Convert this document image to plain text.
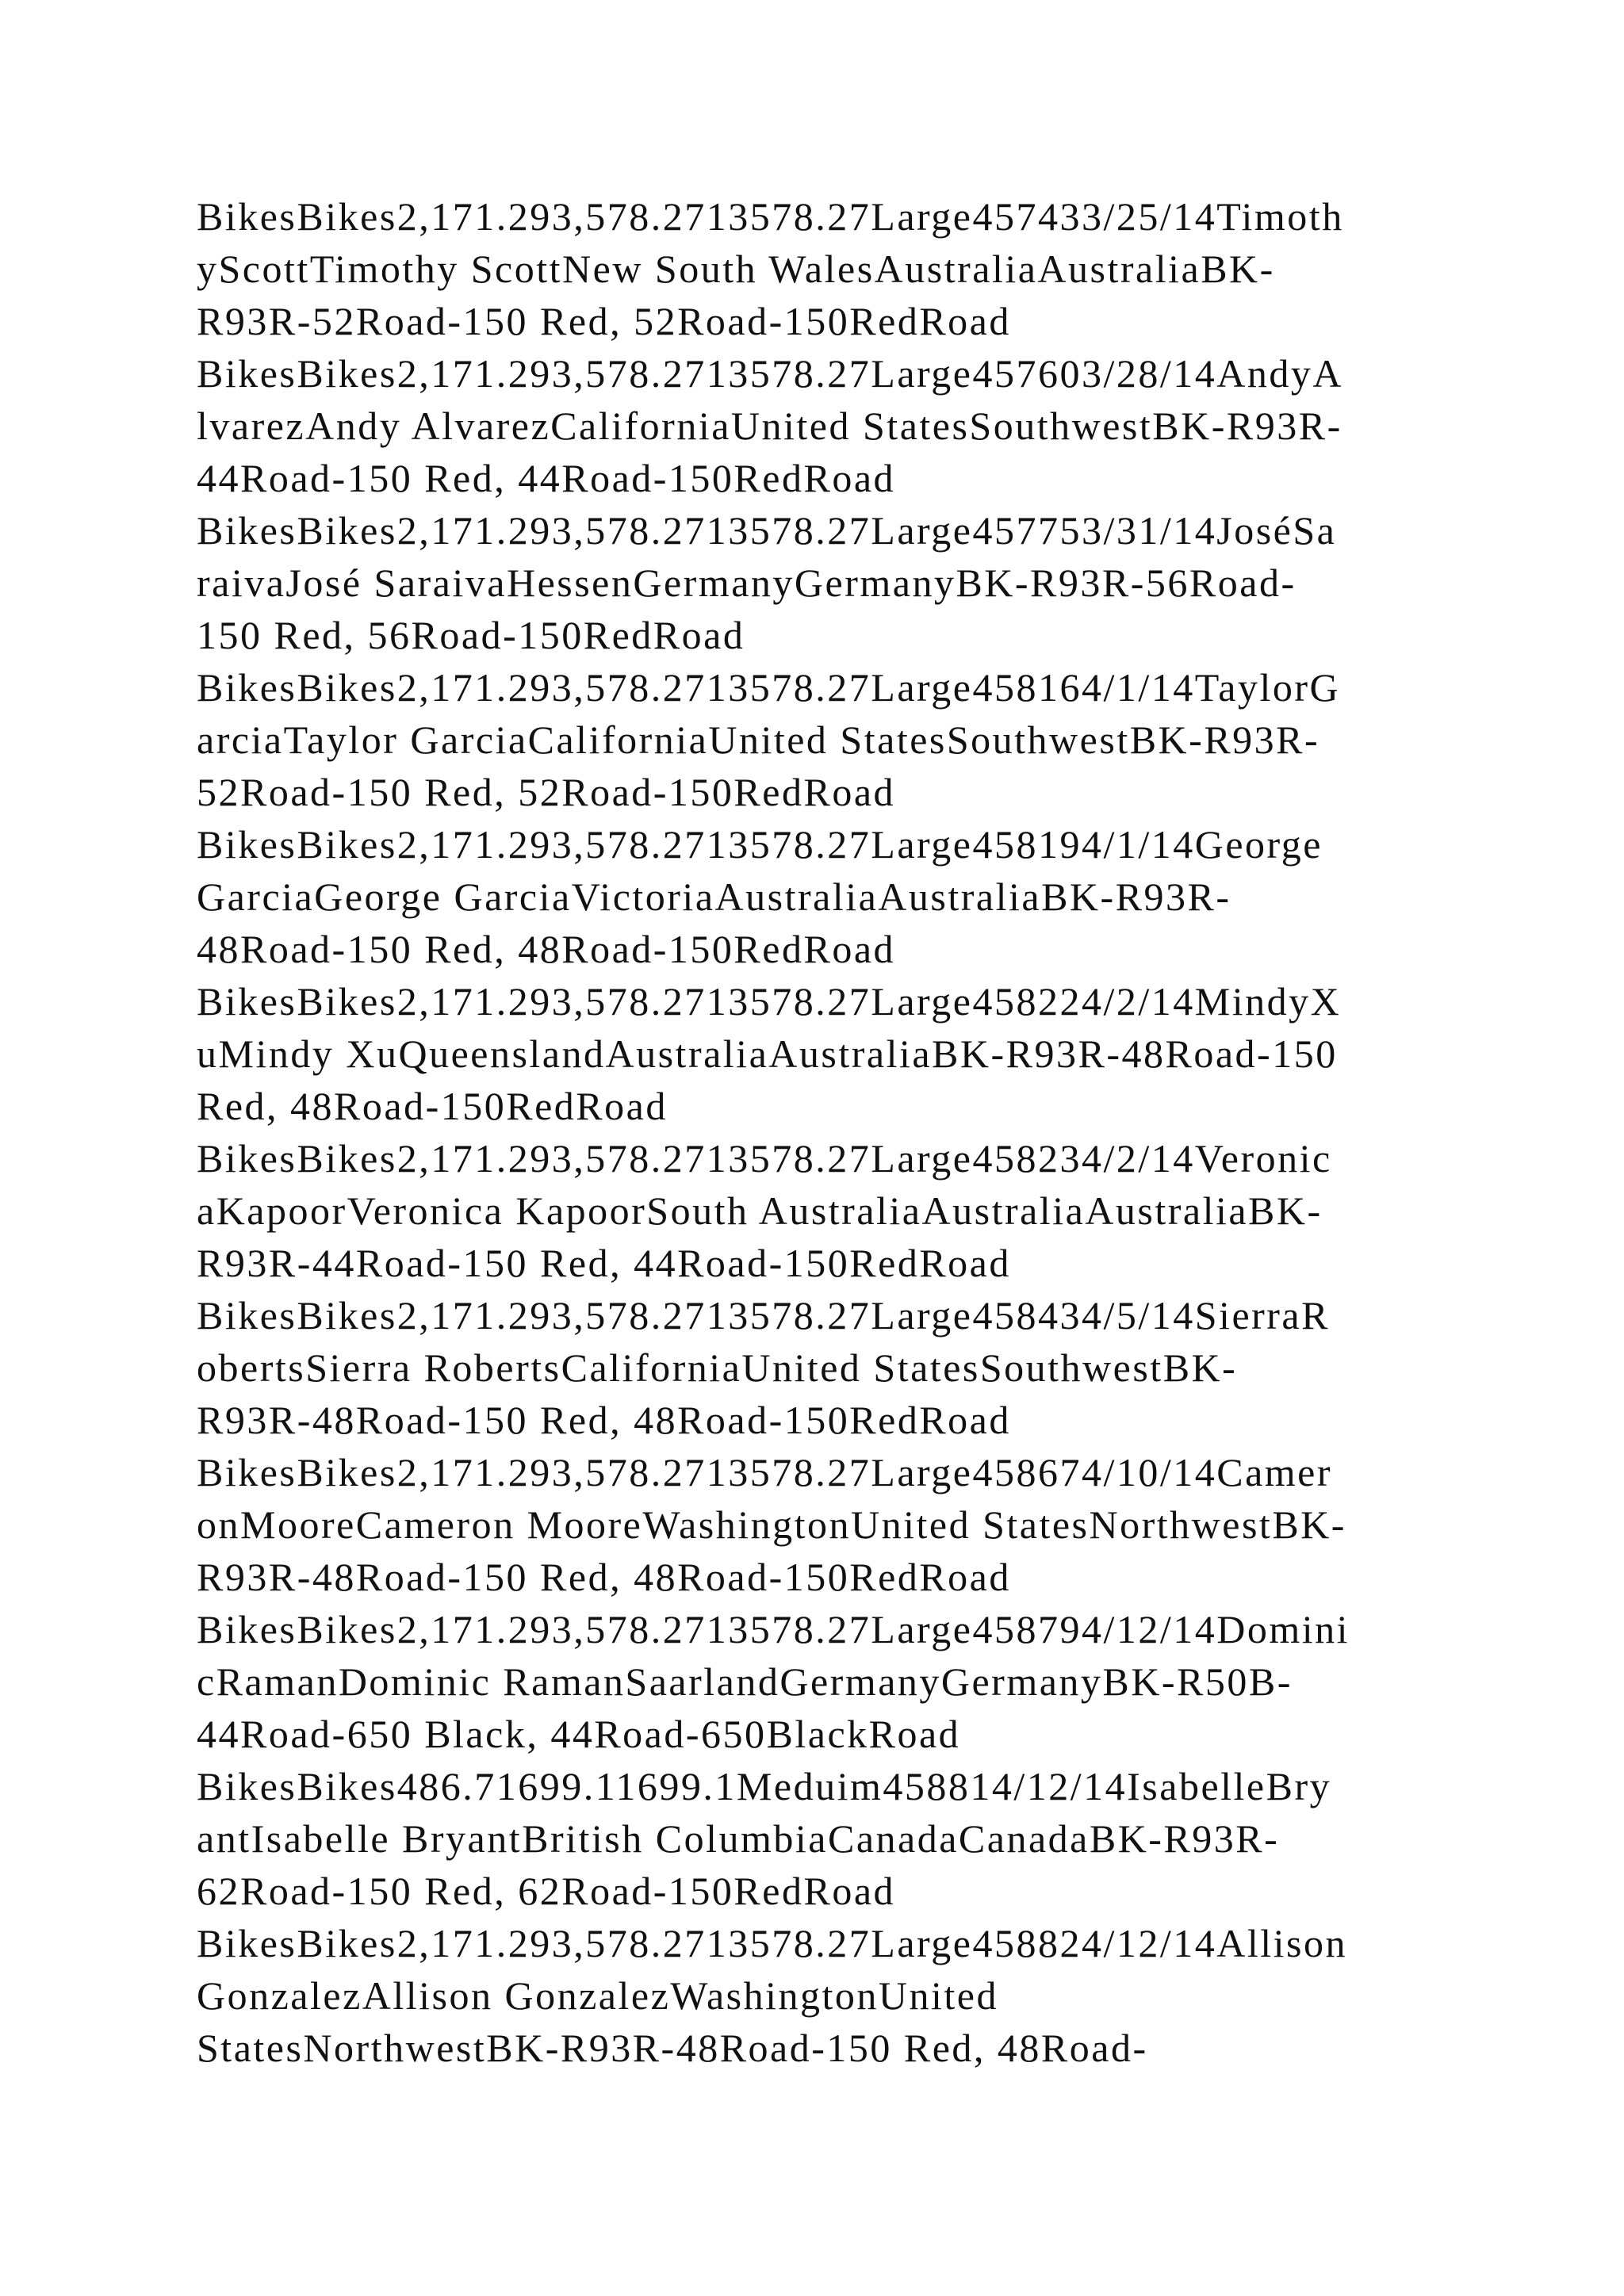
BikesBikes2,171.293,578.2713578.27Large457433/25/14Timoth
yScottTimothy ScottNew South WalesAustraliaAustraliaBK-
R93R-52Road-150 Red, 52Road-150RedRoad
BikesBikes2,171.293,578.2713578.27Large457603/28/14AndyA
lvarezAndy AlvarezCaliforniaUnited StatesSouthwestBK-R93R-
44Road-150 Red, 44Road-150RedRoad
BikesBikes2,171.293,578.2713578.27Large457753/31/14JoséSa
raivaJosé SaraivaHessenGermanyGermanyBK-R93R-56Road-
150 Red, 56Road-150RedRoad
BikesBikes2,171.293,578.2713578.27Large458164/1/14TaylorG
arciaTaylor GarciaCaliforniaUnited StatesSouthwestBK-R93R-
52Road-150 Red, 52Road-150RedRoad
BikesBikes2,171.293,578.2713578.27Large458194/1/14George
GarciaGeorge GarciaVictoriaAustraliaAustraliaBK-R93R-
48Road-150 Red, 48Road-150RedRoad
BikesBikes2,171.293,578.2713578.27Large458224/2/14MindyX
uMindy XuQueenslandAustraliaAustraliaBK-R93R-48Road-150
Red, 48Road-150RedRoad
BikesBikes2,171.293,578.2713578.27Large458234/2/14Veronic
aKapoorVeronica KapoorSouth AustraliaAustraliaAustraliaBK-
R93R-44Road-150 Red, 44Road-150RedRoad
BikesBikes2,171.293,578.2713578.27Large458434/5/14SierraR
obertsSierra RobertsCaliforniaUnited StatesSouthwestBK-
R93R-48Road-150 Red, 48Road-150RedRoad
BikesBikes2,171.293,578.2713578.27Large458674/10/14Camer
onMooreCameron MooreWashingtonUnited StatesNorthwestBK-
R93R-48Road-150 Red, 48Road-150RedRoad
BikesBikes2,171.293,578.2713578.27Large458794/12/14Domini
cRamanDominic RamanSaarlandGermanyGermanyBK-R50B-
44Road-650 Black, 44Road-650BlackRoad
BikesBikes486.71699.11699.1Meduim458814/12/14IsabelleBry
antIsabelle BryantBritish ColumbiaCanadaCanadaBK-R93R-
62Road-150 Red, 62Road-150RedRoad
BikesBikes2,171.293,578.2713578.27Large458824/12/14Allison
GonzalezAllison GonzalezWashingtonUnited
StatesNorthwestBK-R93R-48Road-150 Red, 48Road-
